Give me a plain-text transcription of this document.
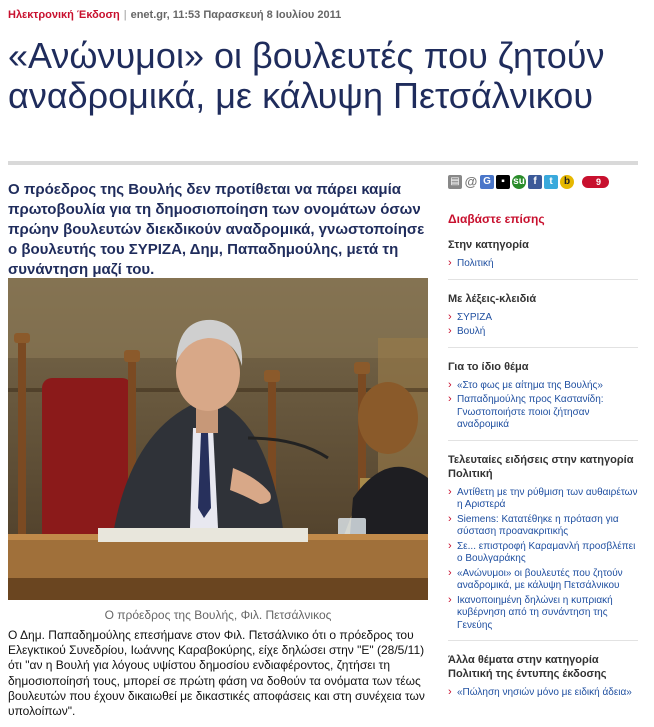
Ηλεκτρονική Έκδοση | enet.gr, 11:53 Παρασκευή 8 Ιουλίου 2011
«Ανώνυμοι» οι βουλευτές που ζητούν αναδρομικά, με κάλυψη Πετσάλνικου

Ο πρόεδρος της Βουλής δεν προτίθεται να πάρει καμία πρωτοβουλία για τη δημοσιοποίηση των ονομάτων όσων πρώην βουλευτών διεκδικούν αναδρομικά, γνωστοποίησε ο βουλευτής του ΣΥΡΙΖΑ, Δημ, Παπαδημούλης, μετά τη συνάντηση μαζί του.

Ο πρόεδρος της Βουλής, Φιλ. Πετσάλνικος

Ο Δημ. Παπαδημούλης επεσήμανε στον Φιλ. Πετσάλνικο ότι ο πρόεδρος του Ελεγκτικού Συνεδρίου, Ιωάννης Καραβοκύρης, είχε δηλώσει στην "Ε" (28/5/11) ότι "αν η Βουλή για λόγους υψίστου δημοσίου ενδιαφέροντος, ζητήσει τη δημοσιοποίησή τους, μπορεί σε πρώτη φάση να δοθούν τα ονόματα των τέως βουλευτών που έχουν δικαιωθεί με δικαστικές αποφάσεις και στη συνέχεια των υπολοίπων".

▤ @ G	▪ su f	t	b	9
Διαβάστε επίσης
Στην κατηγορία
› Πολιτική
Με λέξεις-κλειδιά
› ΣΥΡΙΖΑ
› Βουλή
Για το ίδιο θέμα
› «Στο φως με αίτημα της Βουλής»
› Παπαδημούλης προς Καστανίδη: Γνωστοποιήστε ποιοι ζήτησαν αναδρομικά
Τελευταίες ειδήσεις στην κατηγορία Πολιτική
› Αντίθετη με την ρύθμιση των αυθαιρέτων η Αριστερά
› Siemens: Κατατέθηκε η πρόταση για σύσταση προανακριτικής
› Σε... επιστροφή Καραμανλή προσβλέπει ο Βουλγαράκης
› «Ανώνυμοι» οι βουλευτές που ζητούν αναδρομικά, με κάλυψη Πετσάλνικου
› Ικανοποιημένη δηλώνει η κυπριακή κυβέρνηση από τη συνάντηση της Γενεύης
Άλλα θέματα στην κατηγορία Πολιτική της έντυπης έκδοσης
› «Πώληση νησιών μόνο με ειδική άδεια»
